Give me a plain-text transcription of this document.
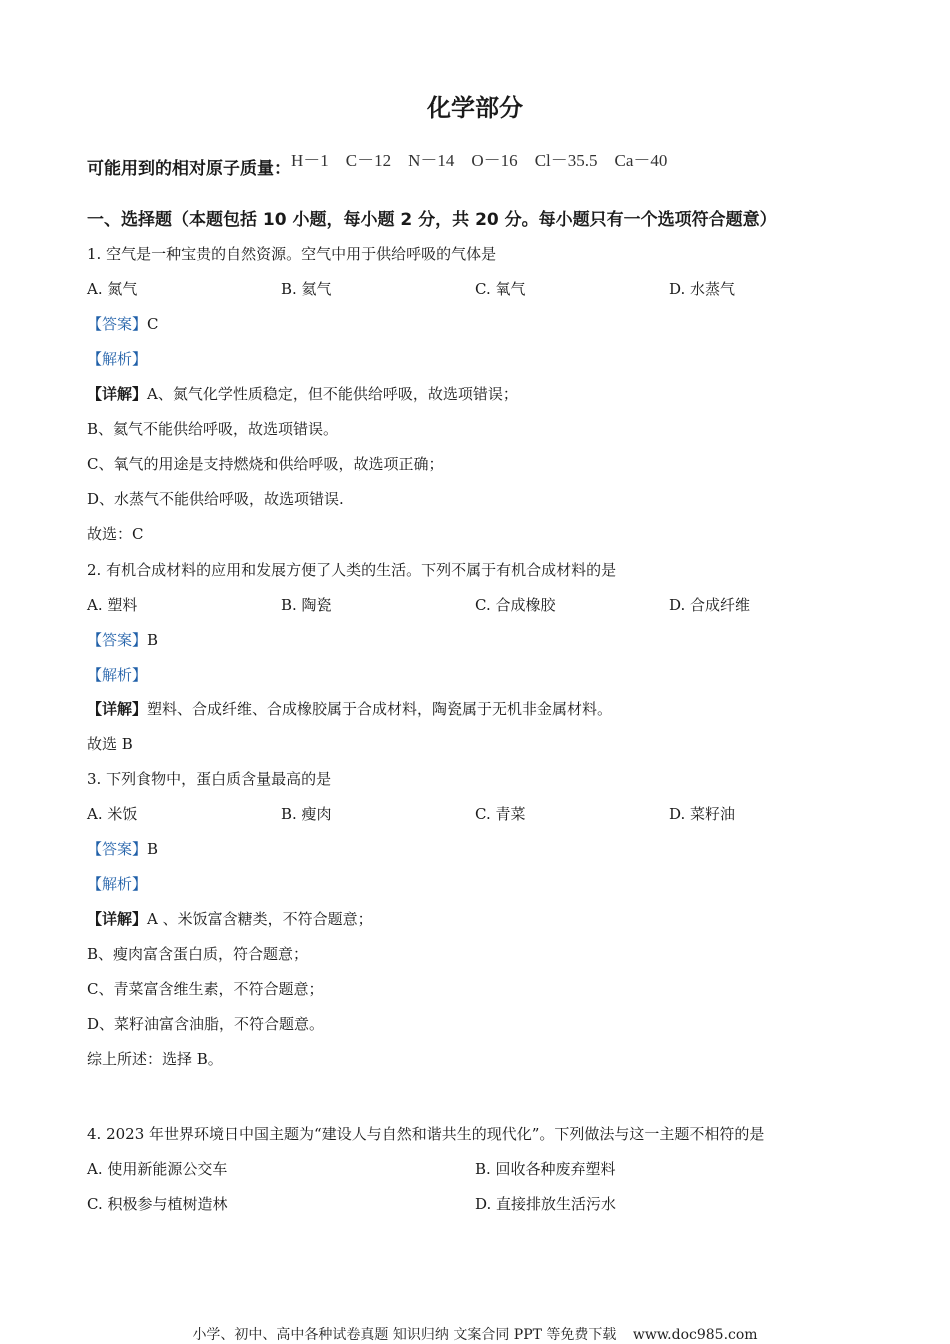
化学部分
可能用到的相对原子质量： H－1 C－12 N－14 O－16 Cl－35.5 Ca－40
一、选择题（本题包括 10 小题，每小题 2 分，共 20 分。每小题只有一个选项符合题意）
1. 空气是一种宝贵的自然资源。空气中用于供给呼吸的气体是
A. 氮气	B. 氦气	C. 氧气	D. 水蒸气
【答案】C
【解析】
【详解】A、氮气化学性质稳定，但不能供给呼吸，故选项错误；
B、氦气不能供给呼吸，故选项错误。
C、氧气的用途是支持燃烧和供给呼吸，故选项正确；
D、水蒸气不能供给呼吸，故选项错误.
故选：C
2. 有机合成材料的应用和发展方便了人类的生活。下列不属于有机合成材料的是
A. 塑料	B. 陶瓷	C. 合成橡胶	D. 合成纤维
【答案】B
【解析】
【详解】塑料、合成纤维、合成橡胶属于合成材料，陶瓷属于无机非金属材料。
故选 B
3. 下列食物中，蛋白质含量最高的是
A. 米饭	B. 瘦肉	C. 青菜	D. 菜籽油
【答案】B
【解析】
【详解】A 、米饭富含糖类，不符合题意；
B、瘦肉富含蛋白质，符合题意；
C、青菜富含维生素，不符合题意；
D、菜籽油富含油脂，不符合题意。
综上所述：选择 B。
4. 2023 年世界环境日中国主题为“建设人与自然和谐共生的现代化”。下列做法与这一主题不相符的是
A. 使用新能源公交车	B. 回收各种废弃塑料
C. 积极参与植树造林	D. 直接排放生活污水
小学、初中、高中各种试卷真题 知识归纳 文案合同 PPT 等免费下载 www.doc985.com
